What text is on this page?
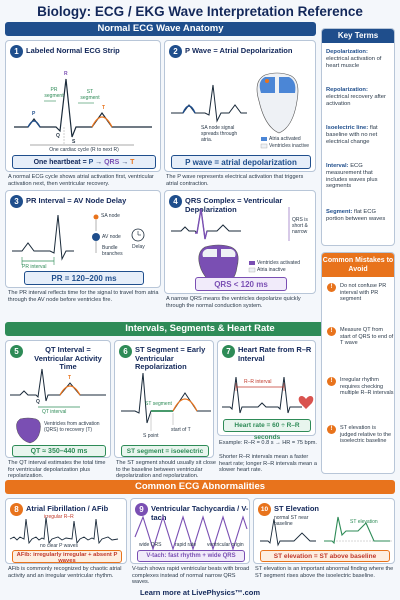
Biology: ECG / EKG Wave Interpretation Reference
Normal ECG Wave Anatomy
1 Labeled Normal ECG Strip
P
PR segment
ST segment
T
R
Q
S
One cardiac cycle (R to next R)
One heartbeat = P → QRS → T
A normal ECG cycle shows atrial activation first, ventricular activation next, then ventricular recovery.
2 P Wave = Atrial Depolarization
SA node signal spreads through atria.	Atria activated
Ventricles inactive
P wave = atrial depolarization
The P wave represents electrical activation that triggers atrial contraction.
3 PR Interval = AV Node Delay
SA node
AV node
Bundle branches
Delay
PR interval
PR = 120–200 ms
The PR interval reflects time for the signal to travel from atria through the AV node before ventricles fire.
4 QRS Complex = Ventricular Depolarization
QRS is short & narrow
Ventricles activated
Atria inactive
QRS < 120 ms
A narrow QRS means the ventricles depolarize quickly through the normal conduction system.
Intervals, Segments & Heart Rate
5	QT Interval = Ventricular Activity Time
Q
T
QT interval
Ventricles from activation (QRS) to recovery (T)
QT ≈ 350–440 ms
The QT interval estimates the total time for ventricular depolarization plus repolarization.
6 ST Segment = Early Ventricular Repolarization
ST segment
S point
start of T
ST segment = isoelectric
The ST segment should usually sit close to the baseline between ventricular depolarization and repolarization.
7 Heart Rate from R–R Interval
R–R interval
Heart rate = 60 ÷ R–R seconds
Example: R–R = 0.8 s → HR = 75 bpm.
Shorter R–R intervals mean a faster heart rate; longer R–R intervals mean a slower heart rate.
Common ECG Abnormalities
8 Atrial Fibrillation / AFib
irregular R–R
no clear P waves
AFib: irregularly irregular + absent P waves
AFib is commonly recognized by chaotic atrial activity and an irregular ventricular rhythm.
9 Ventricular Tachycardia / V-tach
wide QRS	rapid rate ventricular origin
V-tach: fast rhythm + wide QRS
V-tach shows rapid ventricular beats with broad complexes instead of normal narrow QRS waves.
10 ST Elevation
normal ST near baseline	ST elevation
ST elevation = ST above baseline
ST elevation is an important abnormal finding where the ST segment rises above the isoelectric baseline.
Key Terms
Depolarization: electrical activation of heart muscle
Repolarization: electrical recovery after activation
Isoelectric line: flat baseline with no net electrical change
Interval: ECG measurement that includes waves plus segments
Segment: flat ECG portion between waves
Common Mistakes to Avoid
!	Do not confuse PR interval with PR segment
!	Measure QT from start of QRS to end of T wave
!	Irregular rhythm requires checking multiple R–R intervals
!	ST elevation is judged relative to the isoelectric baseline
Learn more at LivePhysics™.com
